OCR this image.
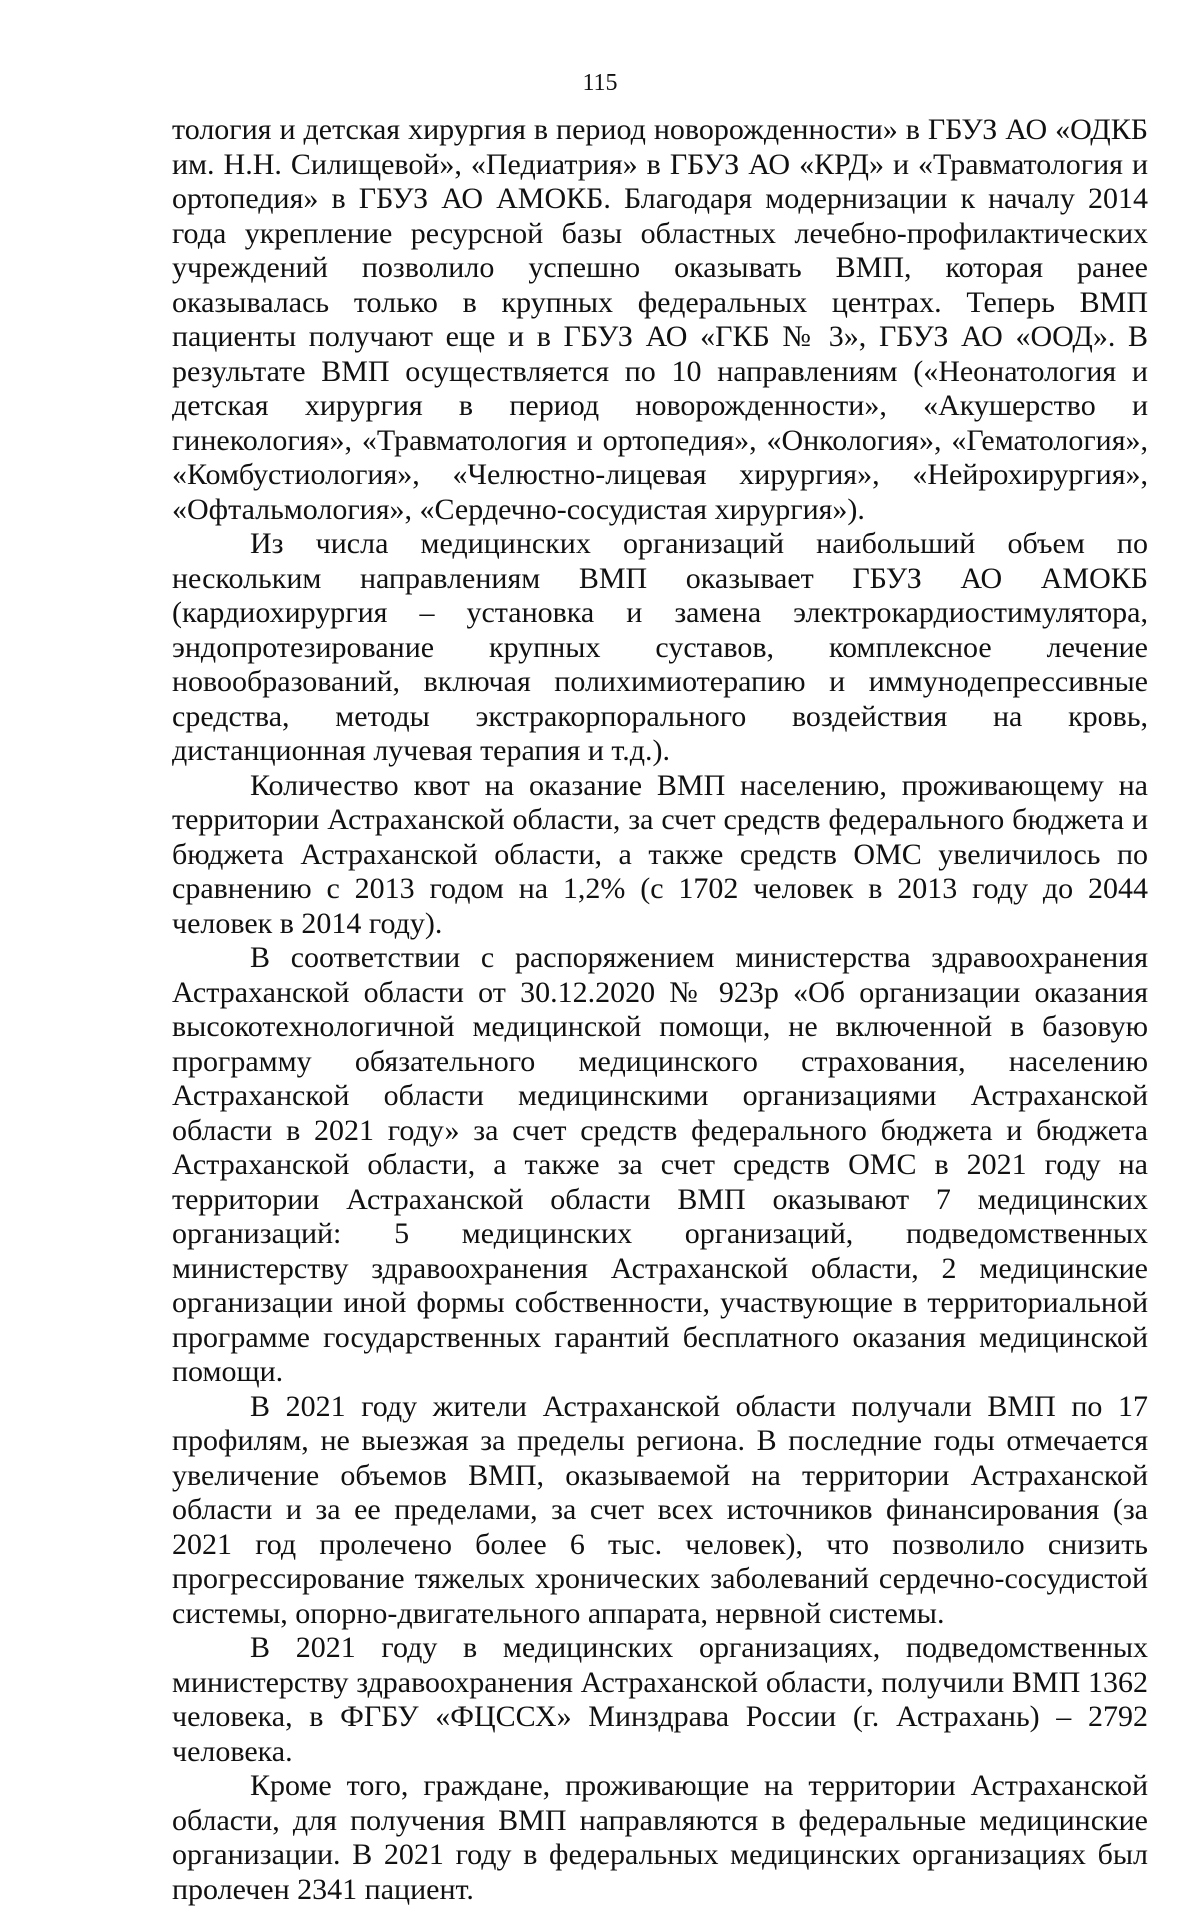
115

тология и детская хирургия в период новорожденности» в ГБУЗ АО «ОДКБ им. Н.Н. Силищевой», «Педиатрия» в ГБУЗ АО «КРД» и «Травматология и ортопедия» в ГБУЗ АО АМОКБ. Благодаря модернизации к началу 2014 года укрепление ресурсной базы областных лечебно-профилактических учреждений позволило успешно оказывать ВМП, которая ранее оказывалась только в крупных федеральных центрах. Теперь ВМП пациенты получают еще и в ГБУЗ АО «ГКБ № 3», ГБУЗ АО «ООД». В результате ВМП осуществляется по 10 направлениям («Неонатология и детская хирургия в период новорожденности», «Акушерство и гинекология», «Травматология и ортопедия», «Онкология», «Гематология», «Комбустиология», «Челюстно-лицевая хирургия», «Нейрохирургия», «Офтальмология», «Сердечно-сосудистая хирургия»).

Из числа медицинских организаций наибольший объем по нескольким направлениям ВМП оказывает ГБУЗ АО АМОКБ (кардиохирургия – установка и замена электрокардиостимулятора, эндопротезирование крупных суставов, комплексное лечение новообразований, включая полихимиотерапию и иммунодепрессивные средства, методы экстракорпорального воздействия на кровь, дистанционная лучевая терапия и т.д.).

Количество квот на оказание ВМП населению, проживающему на территории Астраханской области, за счет средств федерального бюджета и бюджета Астраханской области, а также средств ОМС увеличилось по сравнению с 2013 годом на 1,2% (с 1702 человек в 2013 году до 2044 человек в 2014 году).

В соответствии с распоряжением министерства здравоохранения Астраханской области от 30.12.2020 № 923р «Об организации оказания высокотехнологичной медицинской помощи, не включенной в базовую программу обязательного медицинского страхования, населению Астраханской области медицинскими организациями Астраханской области в 2021 году» за счет средств федерального бюджета и бюджета Астраханской области, а также за счет средств ОМС в 2021 году на территории Астраханской области ВМП оказывают 7 медицинских организаций: 5 медицинских организаций, подведомственных министерству здравоохранения Астраханской области, 2 медицинские организации иной формы собственности, участвующие в территориальной программе государственных гарантий бесплатного оказания медицинской помощи.

В 2021 году жители Астраханской области получали ВМП по 17 профилям, не выезжая за пределы региона. В последние годы отмечается увеличение объемов ВМП, оказываемой на территории Астраханской области и за ее пределами, за счет всех источников финансирования (за 2021 год пролечено более 6 тыс. человек), что позволило снизить прогрессирование тяжелых хронических заболеваний сердечно-сосудистой системы, опорно-двигательного аппарата, нервной системы.

В 2021 году в медицинских организациях, подведомственных министерству здравоохранения Астраханской области, получили ВМП 1362 человека, в ФГБУ «ФЦССХ» Минздрава России (г. Астрахань) – 2792 человека.

Кроме того, граждане, проживающие на территории Астраханской области, для получения ВМП направляются в федеральные медицинские организации. В 2021 году в федеральных медицинских организациях был пролечен 2341 пациент.
